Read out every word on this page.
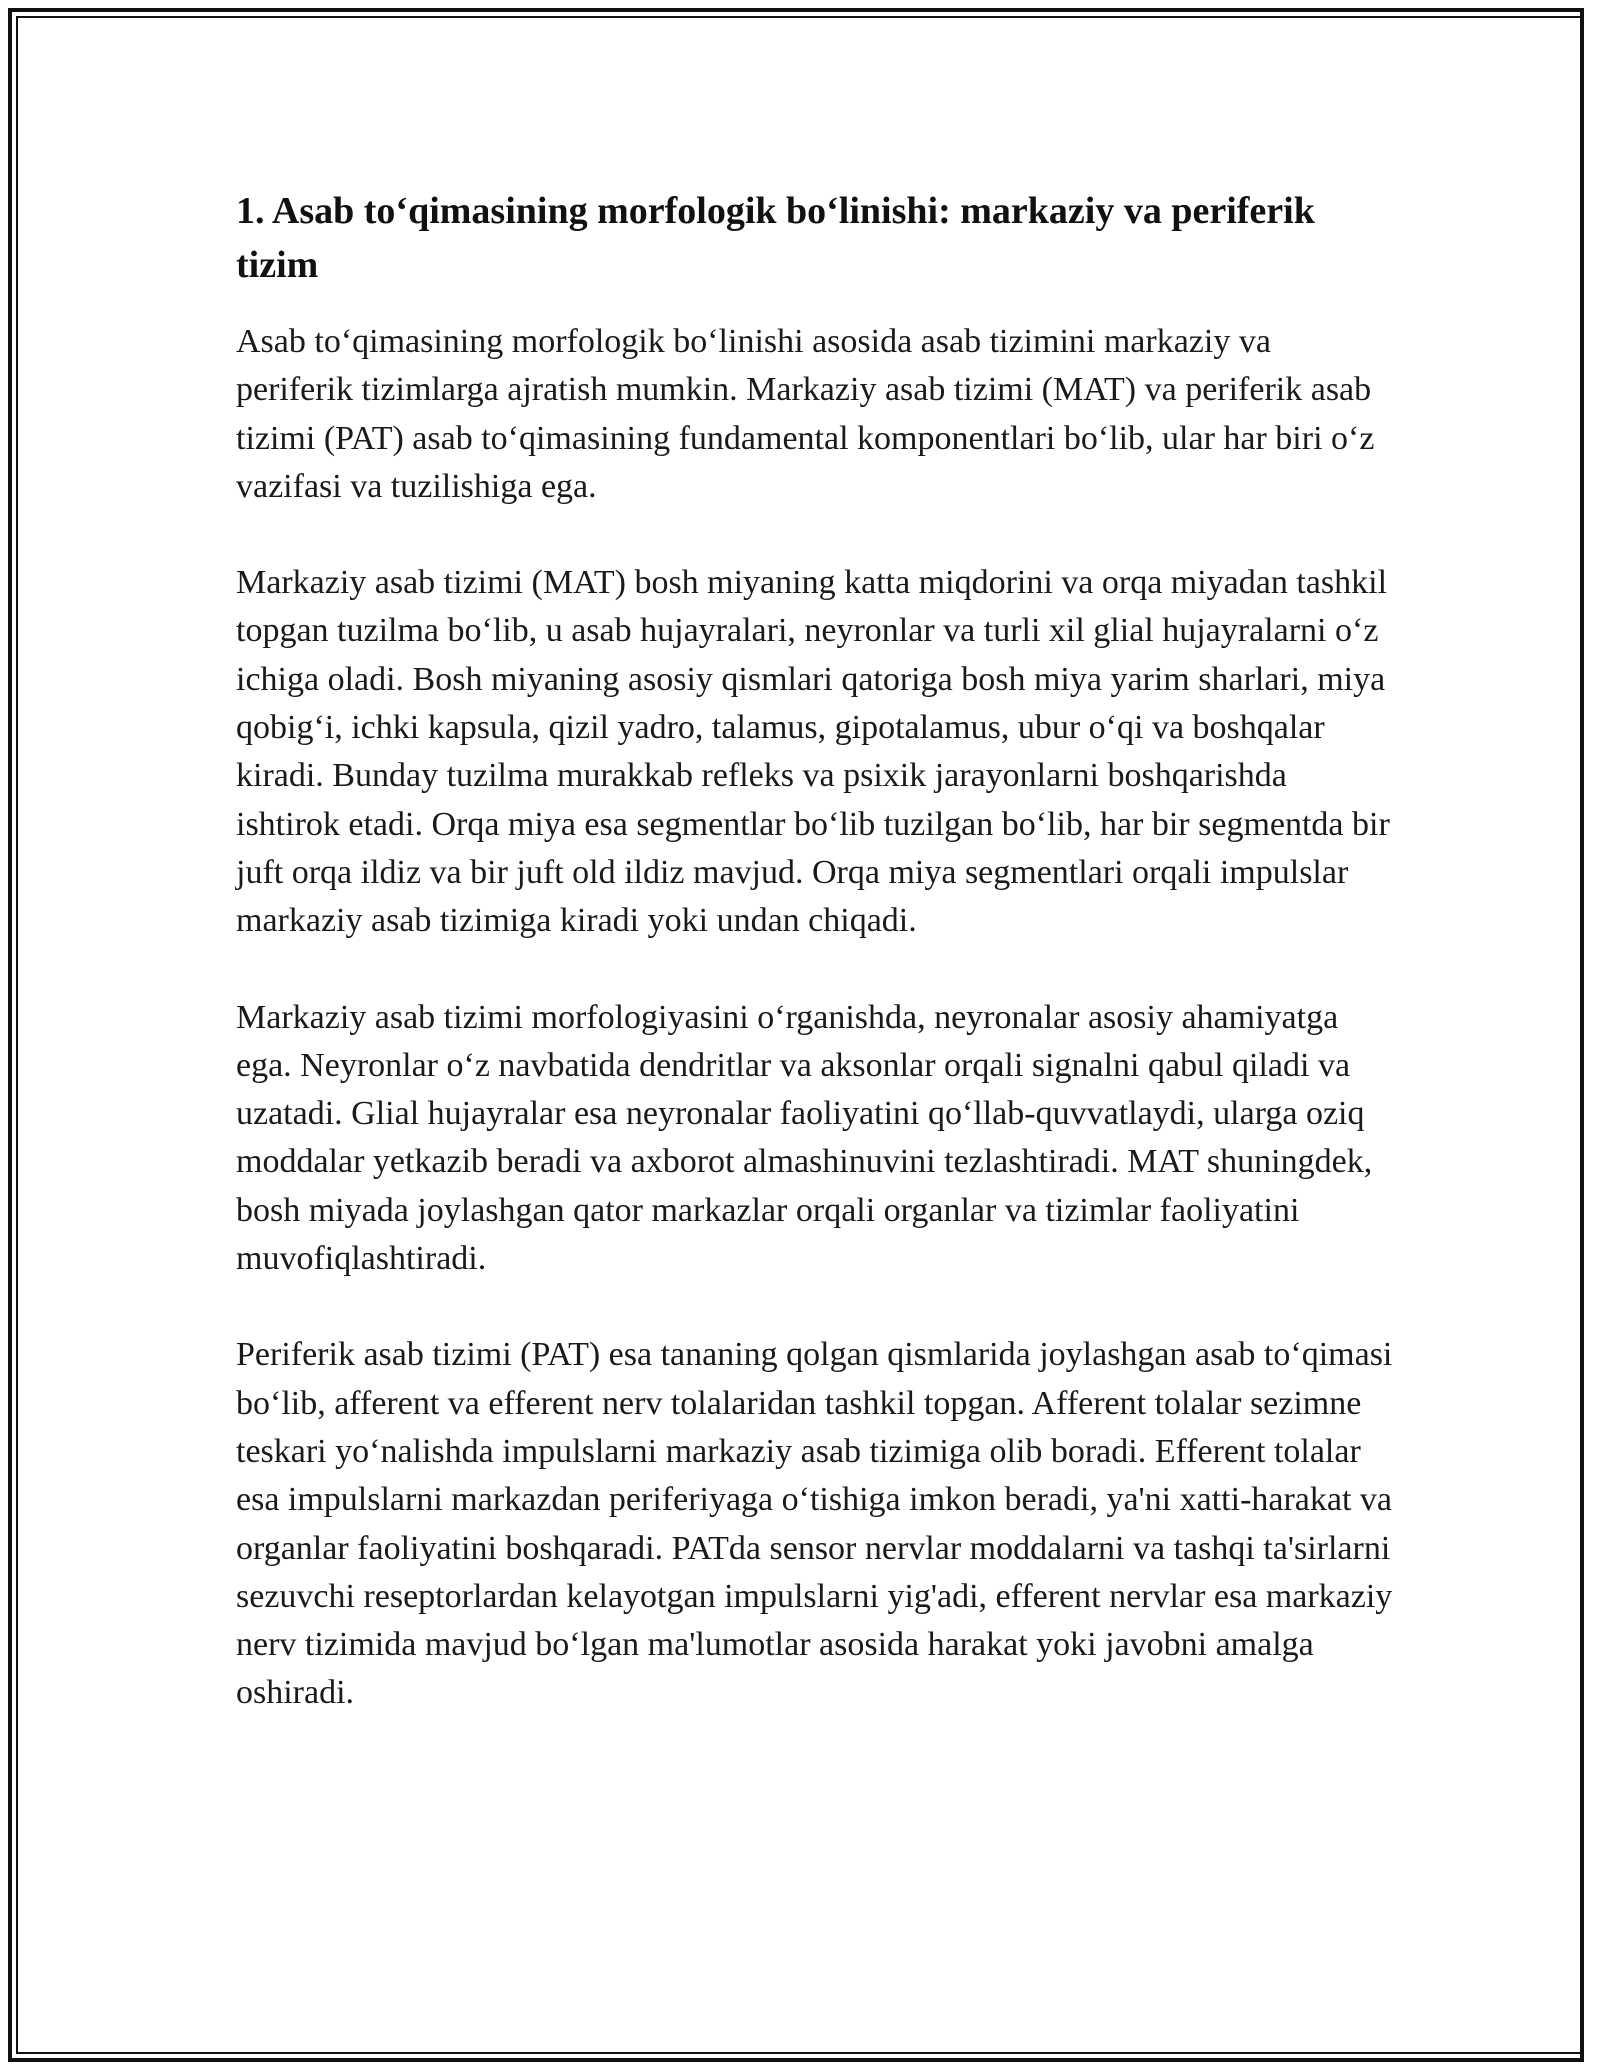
1. Asab to‘qimasining morfologik bo‘linishi: markaziy va periferik tizim

Asab to‘qimasining morfologik bo‘linishi asosida asab tizimini markaziy va periferik tizimlarga ajratish mumkin. Markaziy asab tizimi (MAT) va periferik asab tizimi (PAT) asab to‘qimasining fundamental komponentlari bo‘lib, ular har biri o‘z vazifasi va tuzilishiga ega.

Markaziy asab tizimi (MAT) bosh miyaning katta miqdorini va orqa miyadan tashkil topgan tuzilma bo‘lib, u asab hujayralari, neyronlar va turli xil glial hujayralarni o‘z ichiga oladi. Bosh miyaning asosiy qismlari qatoriga bosh miya yarim sharlari, miya qobig‘i, ichki kapsula, qizil yadro, talamus, gipotalamus, ubur o‘qi va boshqalar kiradi. Bunday tuzilma murakkab refleks va psixik jarayonlarni boshqarishda ishtirok etadi. Orqa miya esa segmentlar bo‘lib tuzilgan bo‘lib, har bir segmentda bir juft orqa ildiz va bir juft old ildiz mavjud. Orqa miya segmentlari orqali impulslar markaziy asab tizimiga kiradi yoki undan chiqadi.

Markaziy asab tizimi morfologiyasini o‘rganishda, neyronalar asosiy ahamiyatga ega. Neyronlar o‘z navbatida dendritlar va aksonlar orqali signalni qabul qiladi va uzatadi. Glial hujayralar esa neyronalar faoliyatini qo‘llab-quvvatlaydi, ularga oziq moddalar yetkazib beradi va axborot almashinuvini tezlashtiradi. MAT shuningdek, bosh miyada joylashgan qator markazlar orqali organlar va tizimlar faoliyatini muvofiqlashtiradi.

Periferik asab tizimi (PAT) esa tananing qolgan qismlarida joylashgan asab to‘qimasi bo‘lib, afferent va efferent nerv tolalaridan tashkil topgan. Afferent tolalar sezimne teskari yo‘nalishda impulslarni markaziy asab tizimiga olib boradi. Efferent tolalar esa impulslarni markazdan periferiyaga o‘tishiga imkon beradi, ya'ni xatti-harakat va organlar faoliyatini boshqaradi. PATda sensor nervlar moddalarni va tashqi ta'sirlarni sezuvchi reseptorlardan kelayotgan impulslarni yig'adi, efferent nervlar esa markaziy nerv tizimida mavjud bo‘lgan ma'lumotlar asosida harakat yoki javobni amalga oshiradi.
